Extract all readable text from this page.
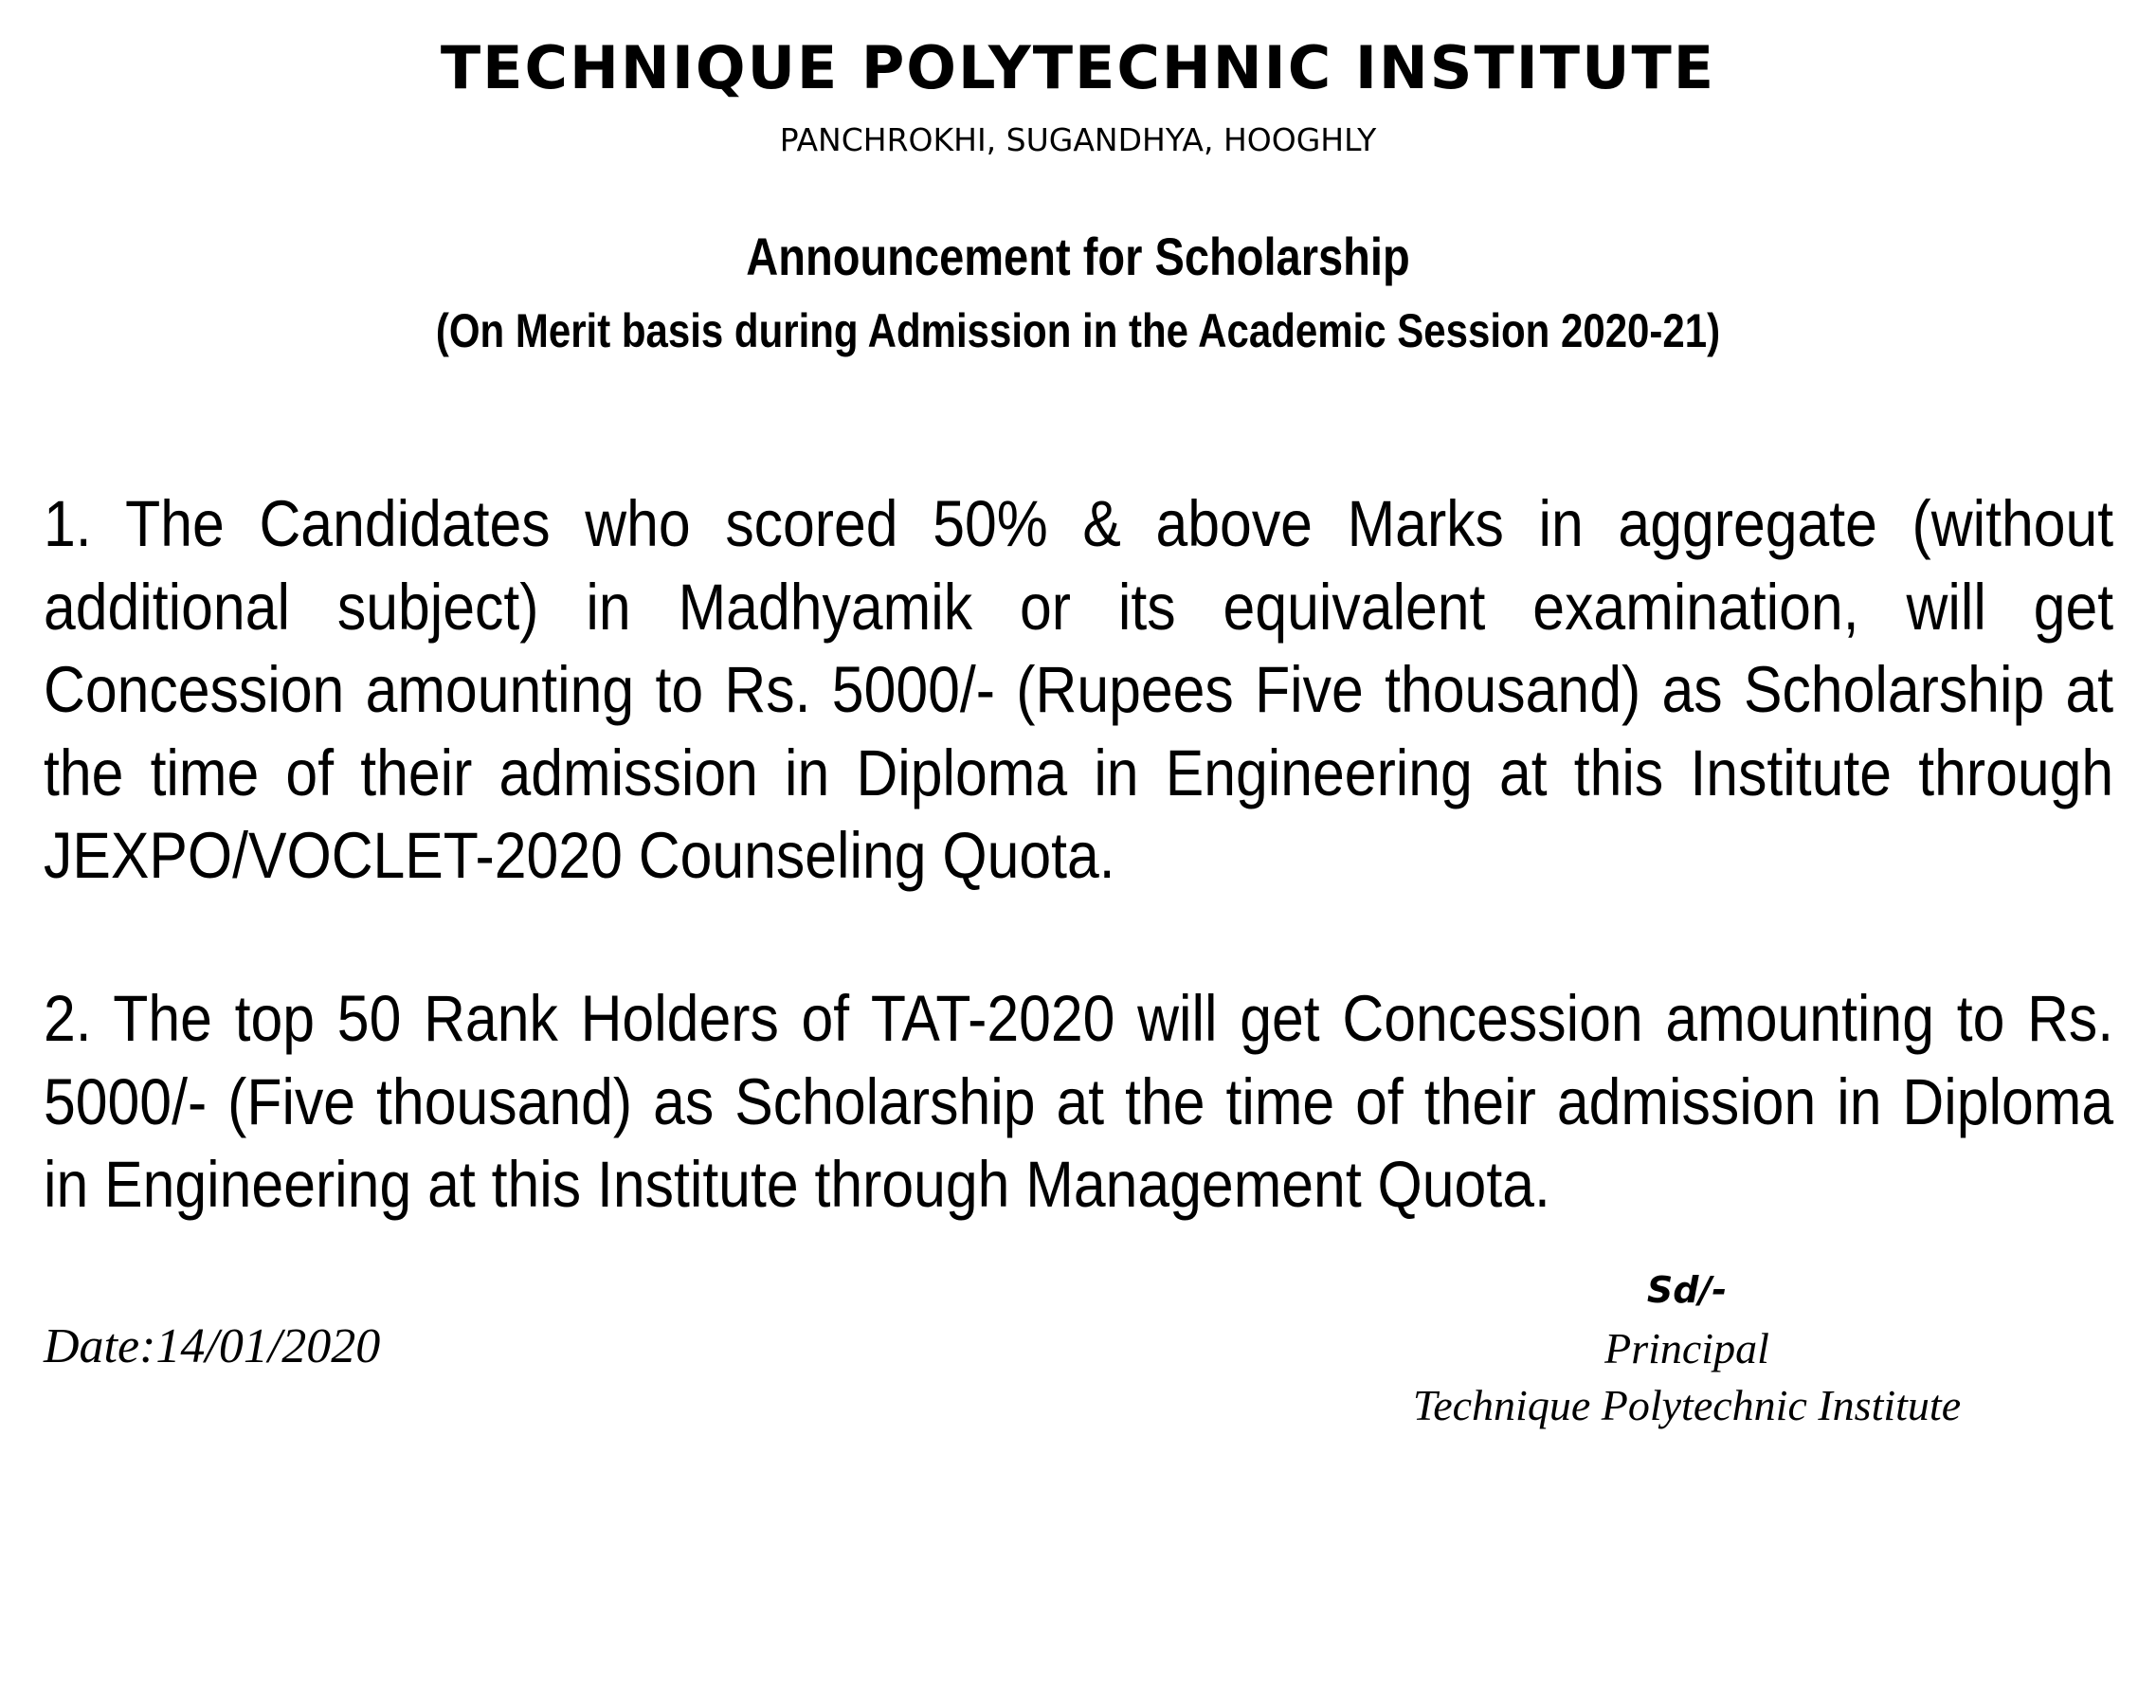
TECHNIQUE POLYTECHNIC INSTITUTE
PANCHROKHI, SUGANDHYA, HOOGHLY
Announcement for Scholarship
(On Merit basis during Admission in the Academic Session 2020-21)

1. The Candidates who scored 50% & above Marks in aggregate (without additional subject) in Madhyamik or its equivalent examination, will get Concession amounting to Rs. 5000/- (Rupees Five thousand) as Scholarship at the time of their admission in Diploma in Engineering at this Institute through JEXPO/VOCLET-2020 Counseling Quota.

2. The top 50 Rank Holders of TAT-2020 will get Concession amounting to Rs. 5000/- (Five thousand) as Scholarship at the time of their admission in Diploma in Engineering at this Institute through Management Quota.

Date:14/01/2020
Sd/-
Principal
Technique Polytechnic Institute
